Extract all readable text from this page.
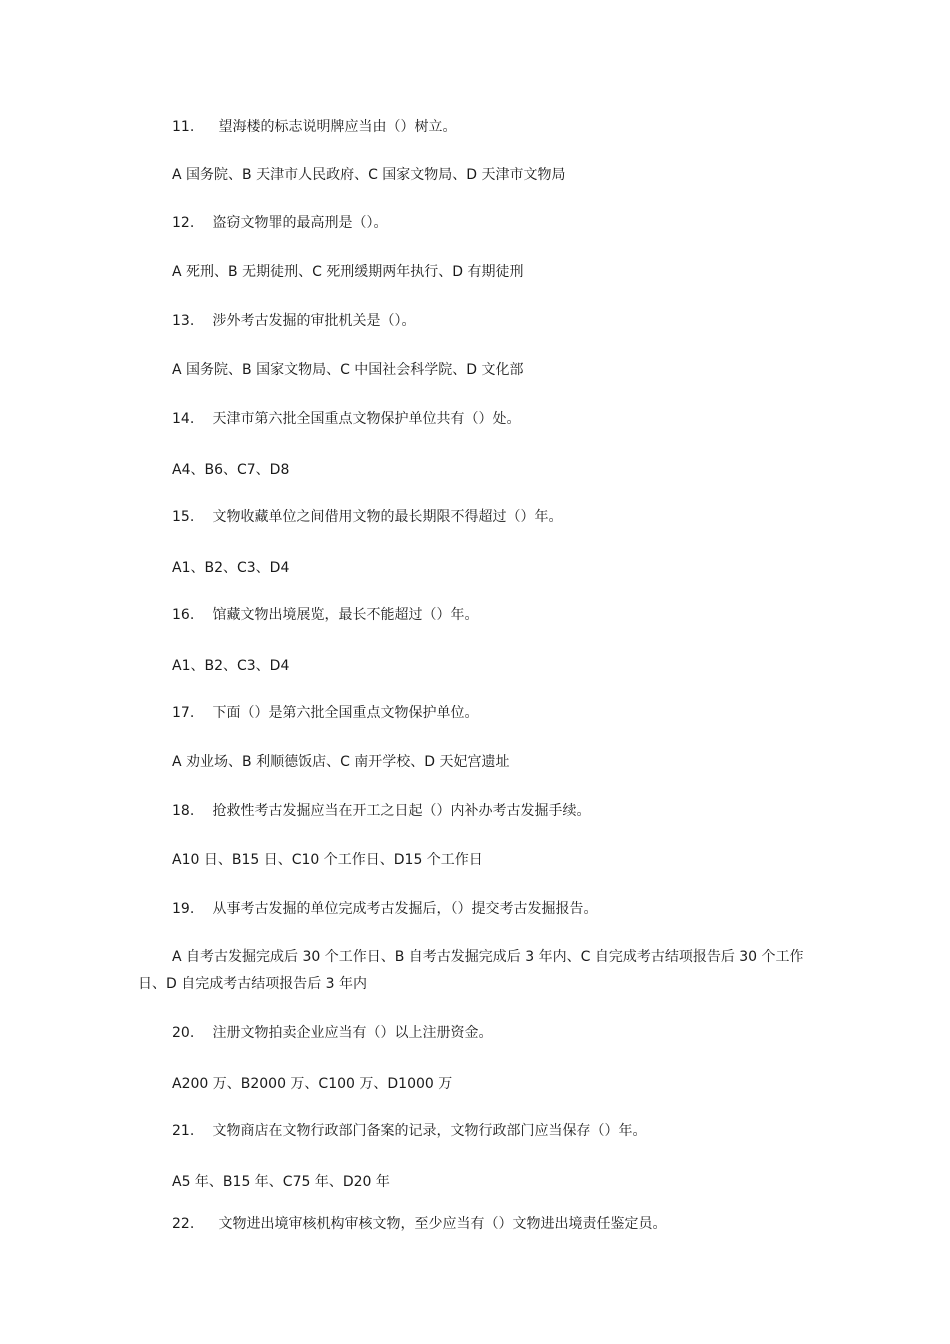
11. 望海楼的标志说明牌应当由（）树立。
A 国务院、B 天津市人民政府、C 国家文物局、D 天津市文物局
12. 盗窃文物罪的最高刑是（）。
A 死刑、B 无期徒刑、C 死刑缓期两年执行、D 有期徒刑
13. 涉外考古发掘的审批机关是（）。
A 国务院、B 国家文物局、C 中国社会科学院、D 文化部
14. 天津市第六批全国重点文物保护单位共有（）处。
A4、B6、C7、D8
15. 文物收藏单位之间借用文物的最长期限不得超过（）年。
A1、B2、C3、D4
16. 馆藏文物出境展览，最长不能超过（）年。
A1、B2、C3、D4
17. 下面（）是第六批全国重点文物保护单位。
A 劝业场、B 利顺德饭店、C 南开学校、D 天妃宫遗址
18. 抢救性考古发掘应当在开工之日起（）内补办考古发掘手续。
A10 日、B15 日、C10 个工作日、D15 个工作日
19. 从事考古发掘的单位完成考古发掘后，（）提交考古发掘报告。
A 自考古发掘完成后 30 个工作日、B 自考古发掘完成后 3 年内、C 自完成考古结项报告后 30 个工作日、D 自完成考古结项报告后 3 年内
20. 注册文物拍卖企业应当有（）以上注册资金。
A200 万、B2000 万、C100 万、D1000 万
21. 文物商店在文物行政部门备案的记录，文物行政部门应当保存（）年。
A5 年、B15 年、C75 年、D20 年
22. 文物进出境审核机构审核文物，至少应当有（）文物进出境责任鉴定员。
